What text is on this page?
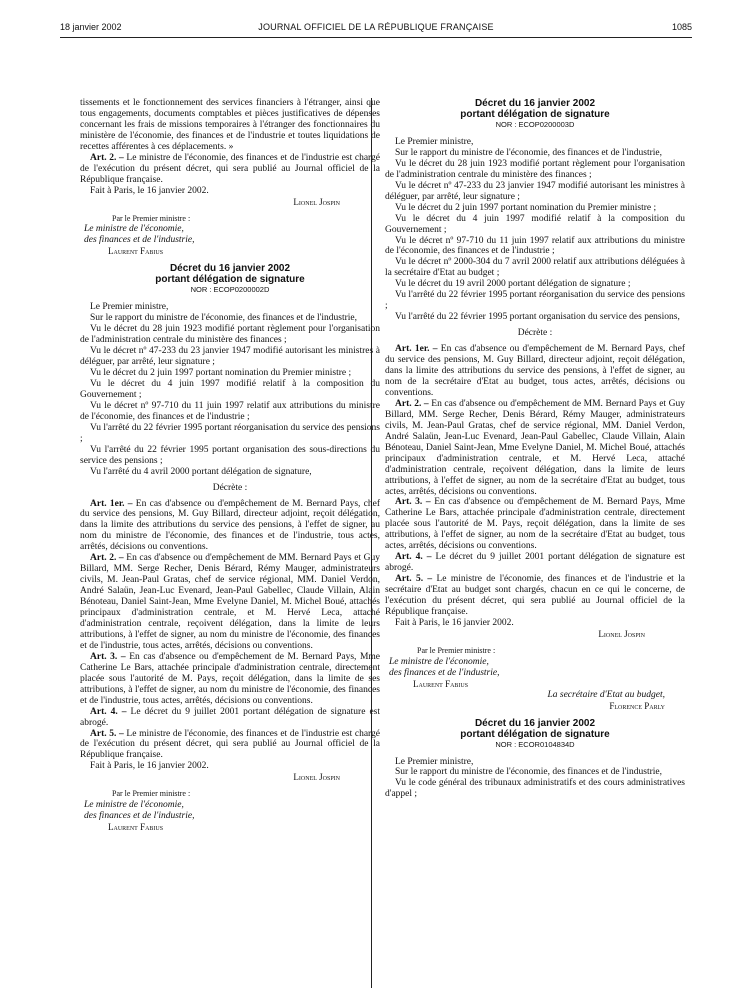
18 janvier 2002	JOURNAL OFFICIEL DE LA RÉPUBLIQUE FRANÇAISE	1085

tissements et le fonctionnement des services financiers à l'étranger, ainsi que tous engagements, documents comptables et pièces justificatives de dépenses concernant les frais de missions temporaires à l'étranger des fonctionnaires du ministère de l'économie, des finances et de l'industrie et toutes liquidations de recettes afférentes à ces déplacements. »

Art. 2. – Le ministre de l'économie, des finances et de l'industrie est chargé de l'exécution du présent décret, qui sera publié au Journal officiel de la République française.

Fait à Paris, le 16 janvier 2002.

Lionel Jospin

Par le Premier ministre :

Le ministre de l'économie,

des finances et de l'industrie,

Laurent Fabius

Décret du 16 janvier 2002

portant délégation de signature

NOR : ECOP0200002D

Le Premier ministre,

Sur le rapport du ministre de l'économie, des finances et de l'industrie,

Vu le décret du 28 juin 1923 modifié portant règlement pour l'organisation de l'administration centrale du ministère des finances ;

Vu le décret nº 47-233 du 23 janvier 1947 modifié autorisant les ministres à déléguer, par arrêté, leur signature ;

Vu le décret du 2 juin 1997 portant nomination du Premier ministre ;

Vu le décret du 4 juin 1997 modifié relatif à la composition du Gouvernement ;

Vu le décret nº 97-710 du 11 juin 1997 relatif aux attributions du ministre de l'économie, des finances et de l'industrie ;

Vu l'arrêté du 22 février 1995 portant réorganisation du service des pensions ;

Vu l'arrêté du 22 février 1995 portant organisation des sous-directions du service des pensions ;

Vu l'arrêté du 4 avril 2000 portant délégation de signature,

Décrète :

Art. 1er. – En cas d'absence ou d'empêchement de M. Bernard Pays, chef du service des pensions, M. Guy Billard, directeur adjoint, reçoit délégation, dans la limite des attributions du service des pensions, à l'effet de signer, au nom du ministre de l'économie, des finances et de l'industrie, tous actes, arrêtés, décisions ou conventions.

Art. 2. – En cas d'absence ou d'empêchement de MM. Bernard Pays et Guy Billard, MM. Serge Recher, Denis Bérard, Rémy Mauger, administrateurs civils, M. Jean-Paul Gratas, chef de service régional, MM. Daniel Verdon, André Salaün, Jean-Luc Evenard, Jean-Paul Gabellec, Claude Villain, Alain Bénoteau, Daniel Saint-Jean, Mme Evelyne Daniel, M. Michel Boué, attachés principaux d'administration centrale, et M. Hervé Leca, attaché d'administration centrale, reçoivent délégation, dans la limite de leurs attributions, à l'effet de signer, au nom du ministre de l'économie, des finances et de l'industrie, tous actes, arrêtés, décisions ou conventions.

Art. 3. – En cas d'absence ou d'empêchement de M. Bernard Pays, Mme Catherine Le Bars, attachée principale d'administration centrale, directement placée sous l'autorité de M. Pays, reçoit délégation, dans la limite de ses attributions, à l'effet de signer, au nom du ministre de l'économie, des finances et de l'industrie, tous actes, arrêtés, décisions ou conventions.

Art. 4. – Le décret du 9 juillet 2001 portant délégation de signature est abrogé.

Art. 5. – Le ministre de l'économie, des finances et de l'industrie est chargé de l'exécution du présent décret, qui sera publié au Journal officiel de la République française.

Fait à Paris, le 16 janvier 2002.

Lionel Jospin

Par le Premier ministre :

Le ministre de l'économie,

des finances et de l'industrie,

Laurent Fabius

Décret du 16 janvier 2002

portant délégation de signature

NOR : ECOP0200003D

Le Premier ministre,

Sur le rapport du ministre de l'économie, des finances et de l'industrie,

Vu le décret du 28 juin 1923 modifié portant règlement pour l'organisation de l'administration centrale du ministère des finances ;

Vu le décret nº 47-233 du 23 janvier 1947 modifié autorisant les ministres à déléguer, par arrêté, leur signature ;

Vu le décret du 2 juin 1997 portant nomination du Premier ministre ;

Vu le décret du 4 juin 1997 modifié relatif à la composition du Gouvernement ;

Vu le décret nº 97-710 du 11 juin 1997 relatif aux attributions du ministre de l'économie, des finances et de l'industrie ;

Vu le décret nº 2000-304 du 7 avril 2000 relatif aux attributions déléguées à la secrétaire d'Etat au budget ;

Vu le décret du 19 avril 2000 portant délégation de signature ;

Vu l'arrêté du 22 février 1995 portant réorganisation du service des pensions ;

Vu l'arrêté du 22 février 1995 portant organisation du service des pensions,

Décrète :

Art. 1er. – En cas d'absence ou d'empêchement de M. Bernard Pays, chef du service des pensions, M. Guy Billard, directeur adjoint, reçoit délégation, dans la limite des attributions du service des pensions, à l'effet de signer, au nom de la secrétaire d'Etat au budget, tous actes, arrêtés, décisions ou conventions.

Art. 2. – En cas d'absence ou d'empêchement de MM. Bernard Pays et Guy Billard, MM. Serge Recher, Denis Bérard, Rémy Mauger, administrateurs civils, M. Jean-Paul Gratas, chef de service régional, MM. Daniel Verdon, André Salaün, Jean-Luc Evenard, Jean-Paul Gabellec, Claude Villain, Alain Bénoteau, Daniel Saint-Jean, Mme Evelyne Daniel, M. Michel Boué, attachés principaux d'administration centrale, et M. Hervé Leca, attaché d'administration centrale, reçoivent délégation, dans la limite de leurs attributions, à l'effet de signer, au nom de la secrétaire d'Etat au budget, tous actes, arrêtés, décisions ou conventions.

Art. 3. – En cas d'absence ou d'empêchement de M. Bernard Pays, Mme Catherine Le Bars, attachée principale d'administration centrale, directement placée sous l'autorité de M. Pays, reçoit délégation, dans la limite de ses attributions, à l'effet de signer, au nom de la secrétaire d'Etat au budget, tous actes, arrêtés, décisions ou conventions.

Art. 4. – Le décret du 9 juillet 2001 portant délégation de signature est abrogé.

Art. 5. – Le ministre de l'économie, des finances et de l'industrie et la secrétaire d'Etat au budget sont chargés, chacun en ce qui le concerne, de l'exécution du présent décret, qui sera publié au Journal officiel de la République française.

Fait à Paris, le 16 janvier 2002.

Lionel Jospin

Par le Premier ministre :

Le ministre de l'économie,

des finances et de l'industrie,

Laurent Fabius

La secrétaire d'Etat au budget,

Florence Parly

Décret du 16 janvier 2002

portant délégation de signature

NOR : ECOR0104834D

Le Premier ministre,

Sur le rapport du ministre de l'économie, des finances et de l'industrie,

Vu le code général des tribunaux administratifs et des cours administratives d'appel ;
